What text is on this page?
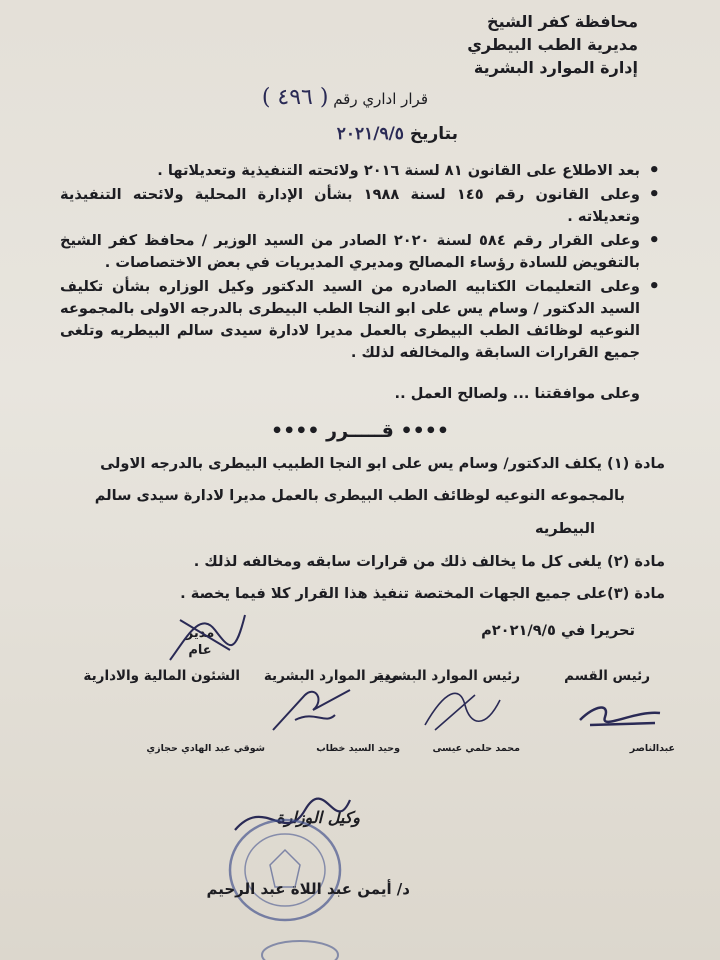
محافظة كفر الشيخ
مديرية الطب البيطري
إدارة الموارد البشرية
قرار اداري رقم ( ٤٩٦ )
بتاريخ ٢٠٢١/٩/٥
• بعد الاطلاع على القانون ٨١ لسنة ٢٠١٦ ولائحته التنفيذية وتعديلاتها .
• وعلى القانون رقم ١٤٥ لسنة ١٩٨٨ بشأن الإدارة المحلية ولائحته التنفيذية وتعديلاته .
• وعلى القرار رقم ٥٨٤ لسنة ٢٠٢٠ الصادر من السيد الوزير / محافظ كفر الشيخ بالتفويض للسادة رؤساء المصالح ومديري المديريات في بعض الاختصاصات .
• وعلى التعليمات الكتابيه الصادره من السيد الدكتور وكيل الوزاره بشأن تكليف السيد الدكتور / وسام يس على ابو النجا الطب البيطرى بالدرجه الاولى بالمجموعه النوعيه لوظائف الطب البيطرى بالعمل مديرا لادارة سيدى سالم البيطريه وتلغى جميع القرارات السابقة والمخالفه لذلك .
وعلى موافقتنا ... ولصالح العمل ..
•••• قـــــرر ••••
مادة (١) يكلف الدكتور/ وسام يس على ابو النجا الطبيب البيطرى بالدرجه الاولى
بالمجموعه النوعيه لوظائف الطب البيطرى بالعمل مديرا لادارة سيدى سالم
البيطريه
مادة (٢) يلغى كل ما يخالف ذلك من قرارات سابقه ومخالفه لذلك .
مادة (٣)على جميع الجهات المختصة تنفيذ هذا القرار كلا فيما يخصة .
تحريرا في ٢٠٢١/٩/٥م
مدير عام
رئيس القسم
رئيس الموارد البشرية
مدير الموارد البشرية
الشئون المالية والادارية
عبدالناصر
محمد حلمي عيسى
وحيد السيد خطاب
شوقي عبد الهادي حجازي
وكيل الوزارة
د/ أيمن عبد اللاة عبد الرحيم
